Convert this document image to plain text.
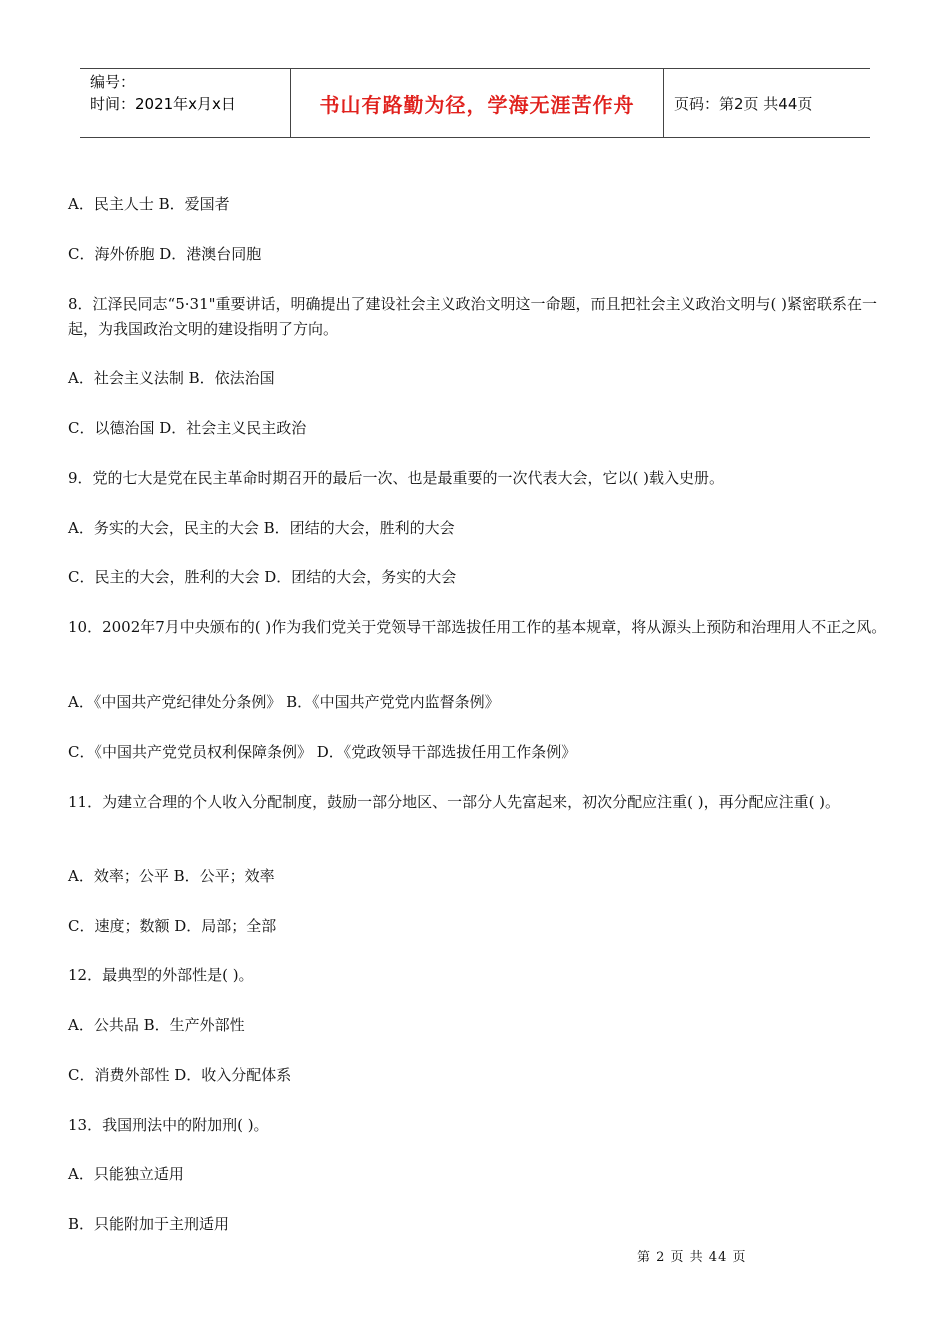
编号：
时间：2021年x月x日	书山有路勤为径，学海无涯苦作舟	页码：第2页 共44页
A．民主人士 B．爱国者
C．海外侨胞 D．港澳台同胞
8．江泽民同志“5·31"重要讲话，明确提出了建设社会主义政治文明这一命题，而且把社会主义政治文明与( )紧密联系在一起，为我国政治文明的建设指明了方向。
A．社会主义法制 B．依法治国
C．以德治国 D．社会主义民主政治
9．党的七大是党在民主革命时期召开的最后一次、也是最重要的一次代表大会，它以( )载入史册。
A．务实的大会，民主的大会 B．团结的大会，胜利的大会
C．民主的大会，胜利的大会 D．团结的大会，务实的大会
10．2002年7月中央颁布的( )作为我们党关于党领导干部选拔任用工作的基本规章，将从源头上预防和治理用人不正之风。
A．《中国共产党纪律处分条例》 B．《中国共产党党内监督条例》
C．《中国共产党党员权利保障条例》 D．《党政领导干部选拔任用工作条例》
11．为建立合理的个人收入分配制度，鼓励一部分地区、一部分人先富起来，初次分配应注重( )，再分配应注重( )。
A．效率；公平 B．公平；效率
C．速度；数额 D．局部；全部
12．最典型的外部性是( )。
A．公共品 B．生产外部性
C．消费外部性 D．收入分配体系
13．我国刑法中的附加刑( )。
A．只能独立适用
B．只能附加于主刑适用
第 2 页 共 44 页
